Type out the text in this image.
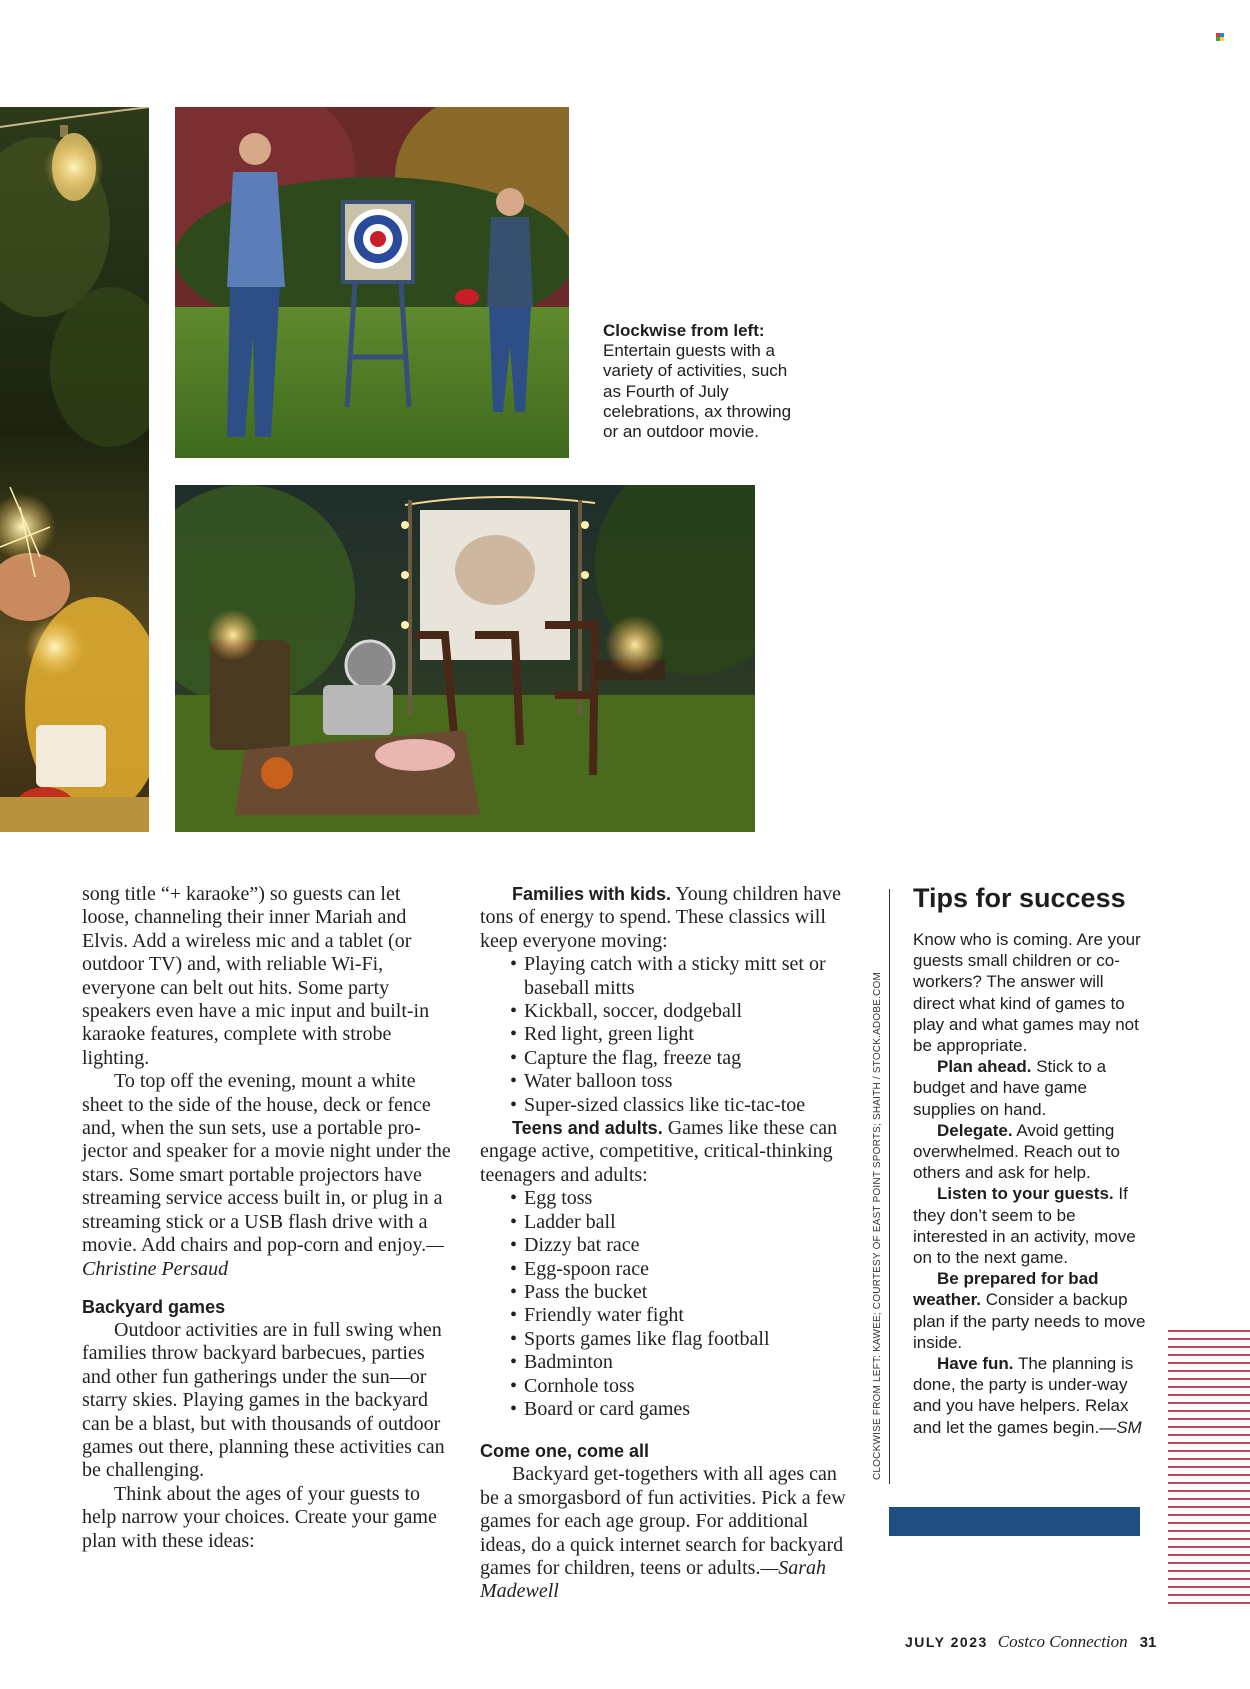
Clockwise from left:
Entertain guests with a variety of activities, such as Fourth of July celebrations, ax throwing or an outdoor movie.
CLOCKWISE FROM LEFT: KAWEE; COURTESY OF EAST POINT SPORTS; SHAITH / STOCK.ADOBE.COM

song title “+ karaoke”) so guests can let loose, channeling their inner Mariah and Elvis. Add a wireless mic and a tablet (or outdoor TV) and, with reliable Wi-Fi, everyone can belt out hits. Some party speakers even have a mic input and built-in karaoke features, complete with strobe lighting.

To top off the evening, mount a white sheet to the side of the house, deck or fence and, when the sun sets, use a portable pro-jector and speaker for a movie night under the stars. Some smart portable projectors have streaming service access built in, or plug in a streaming stick or a USB flash drive with a movie. Add chairs and pop-corn and enjoy.—Christine Persaud

Backyard games

Outdoor activities are in full swing when families throw backyard barbecues, parties and other fun gatherings under the sun—or starry skies. Playing games in the backyard can be a blast, but with thousands of outdoor games out there, planning these activities can be challenging.

Think about the ages of your guests to help narrow your choices. Create your game plan with these ideas:

Families with kids. Young children have tons of energy to spend. These classics will keep everyone moving:

• Playing catch with a sticky mitt set or baseball mitts
• Kickball, soccer, dodgeball
• Red light, green light
• Capture the flag, freeze tag
• Water balloon toss
• Super-sized classics like tic-tac-toe

Teens and adults. Games like these can engage active, competitive, critical-thinking teenagers and adults:

• Egg toss
• Ladder ball
• Dizzy bat race
• Egg-spoon race
• Pass the bucket
• Friendly water fight
• Sports games like flag football
• Badminton
• Cornhole toss
• Board or card games
Come one, come all

Backyard get-togethers with all ages can be a smorgasbord of fun activities. Pick a few games for each age group. For additional ideas, do a quick internet search for backyard games for children, teens or adults.—Sarah Madewell

Tips for success

Know who is coming. Are your guests small children or co-workers? The answer will direct what kind of games to play and what games may not be appropriate.

Plan ahead. Stick to a budget and have game supplies on hand.

Delegate. Avoid getting overwhelmed. Reach out to others and ask for help.

Listen to your guests. If they don’t seem to be interested in an activity, move on to the next game.

Be prepared for bad weather. Consider a backup plan if the party needs to move inside.

Have fun. The planning is done, the party is under-way and you have helpers. Relax and let the games begin.—SM

JULY 2023 Costco Connection 31
